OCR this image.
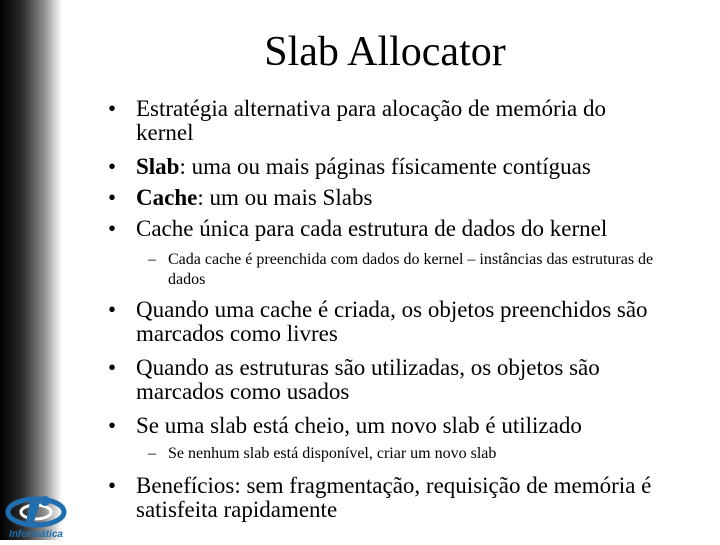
Slab Allocator
• Estratégia alternativa para alocação de memória do kernel
• Slab: uma ou mais páginas físicamente contíguas
• Cache: um ou mais Slabs
• Cache única para cada estrutura de dados do kernel
– Cada cache é preenchida com dados do kernel – instâncias das estruturas de dados
• Quando uma cache é criada, os objetos preenchidos são marcados como livres
• Quando as estruturas são utilizadas, os objetos são marcados como usados
• Se uma slab está cheio, um novo slab é utilizado
– Se nenhum slab está disponível, criar um novo slab
• Benefícios: sem fragmentação, requisição de memória é satisfeita rapidamente
Informática
